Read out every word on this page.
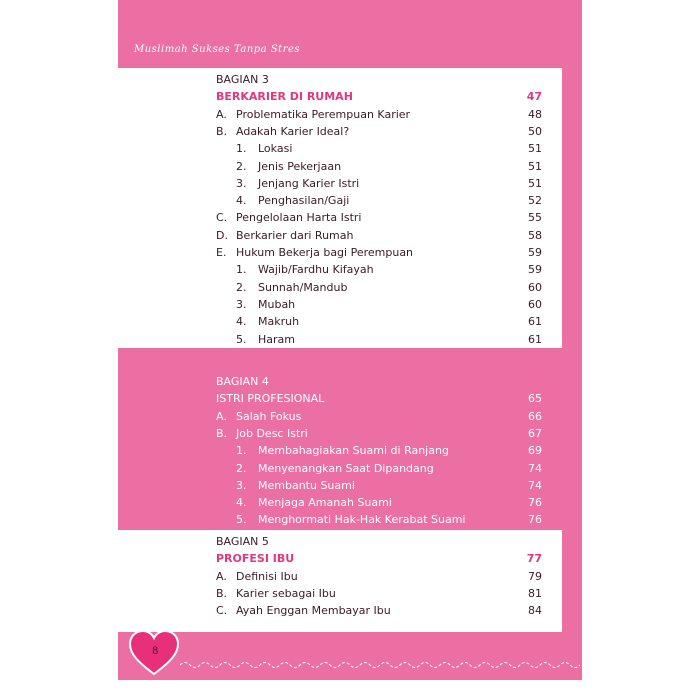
Muslimah Sukses Tanpa Stres
BAGIAN 3
BERKARIER DI RUMAH	47
A. Problematika Perempuan Karier	48
B. Adakah Karier Ideal?	50
1. Lokasi	51
2. Jenis Pekerjaan	51
3. Jenjang Karier Istri	51
4. Penghasilan/Gaji	52
C. Pengelolaan Harta Istri	55
D. Berkarier dari Rumah	58
E. Hukum Bekerja bagi Perempuan	59
1. Wajib/Fardhu Kifayah	59
2. Sunnah/Mandub	60
3. Mubah	60
4. Makruh	61
5. Haram	61
BAGIAN 4
ISTRI PROFESIONAL	65
A. Salah Fokus	66
B. Job Desc Istri	67
1. Membahagiakan Suami di Ranjang	69
2. Menyenangkan Saat Dipandang	74
3. Membantu Suami	74
4. Menjaga Amanah Suami	76
5. Menghormati Hak-Hak Kerabat Suami	76
BAGIAN 5
PROFESI IBU	77
A. Definisi Ibu	79
B. Karier sebagai Ibu	81
C. Ayah Enggan Membayar Ibu	84
8
